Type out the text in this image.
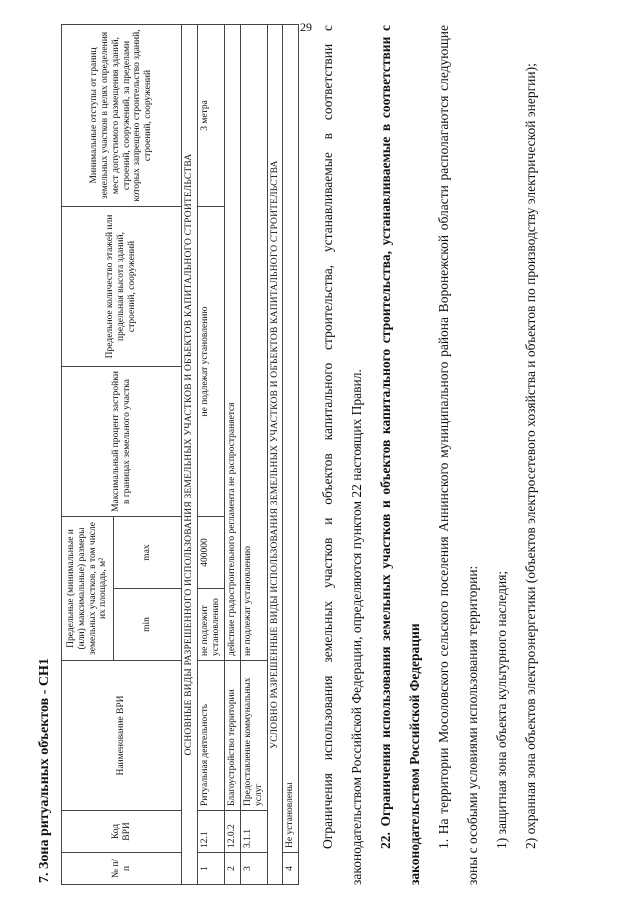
29
7. Зона ритуальных объектов - СН1	№ п/п	Код ВРИ	Наименование ВРИ	Предельные (минимальные и (или) максимальные) размеры земельных участков, в том числе их площадь, м²		Максимальный процент застройки в границах земельного участка	Предельное количество этажей или предельная высота зданий, строений, сооружений	Минимальные отступы от границ земельных участков в целях определения мест допустимого размещения зданий, строений, сооружений, за пределами которых запрещено строительство зданий, строений, сооружений
			min	max			
ОСНОВНЫЕ ВИДЫ РАЗРЕШЕННОГО ИСПОЛЬЗОВАНИЯ ЗЕМЕЛЬНЫХ УЧАСТКОВ И ОБЪЕКТОВ КАПИТАЛЬНОГО СТРОИТЕЛЬСТВА							
1	12.1	Ритуальная деятельность	не подлежит установлению	400000	не подлежат установлению		3 метра
2	12.0.2	Благоустройство территории	действие градостроительного регламента не распространяется				
3	3.1.1	Предоставление коммунальных услуг	не подлежат установлению				
УСЛОВНО РАЗРЕШЕННЫЕ ВИДЫ ИСПОЛЬЗОВАНИЯ ЗЕМЕЛЬНЫХ УЧАСТКОВ И ОБЪЕКТОВ КАПИТАЛЬНОГО СТРОИТЕЛЬСТВА							
4	Не установлены							Ограничения использования земельных участков и объектов капитального строительства, устанавливаемые в соответствии с законодательством Российской Федерации, определяются пунктом 22 настоящих Правил.	22. Ограничения использования земельных участков и объектов капитального строительства, устанавливаемые в соответствии с законодательством Российской Федерации	1. На территории Мосоловского сельского поселения Аннинского муниципального района Воронежской области располагаются следующие зоны с особыми условиями использования территории:	1) защитная зона объекта культурного наследия;	2) охранная зона объектов электроэнергетики (объектов электросетевого хозяйства и объектов по производству электрической энергии);
